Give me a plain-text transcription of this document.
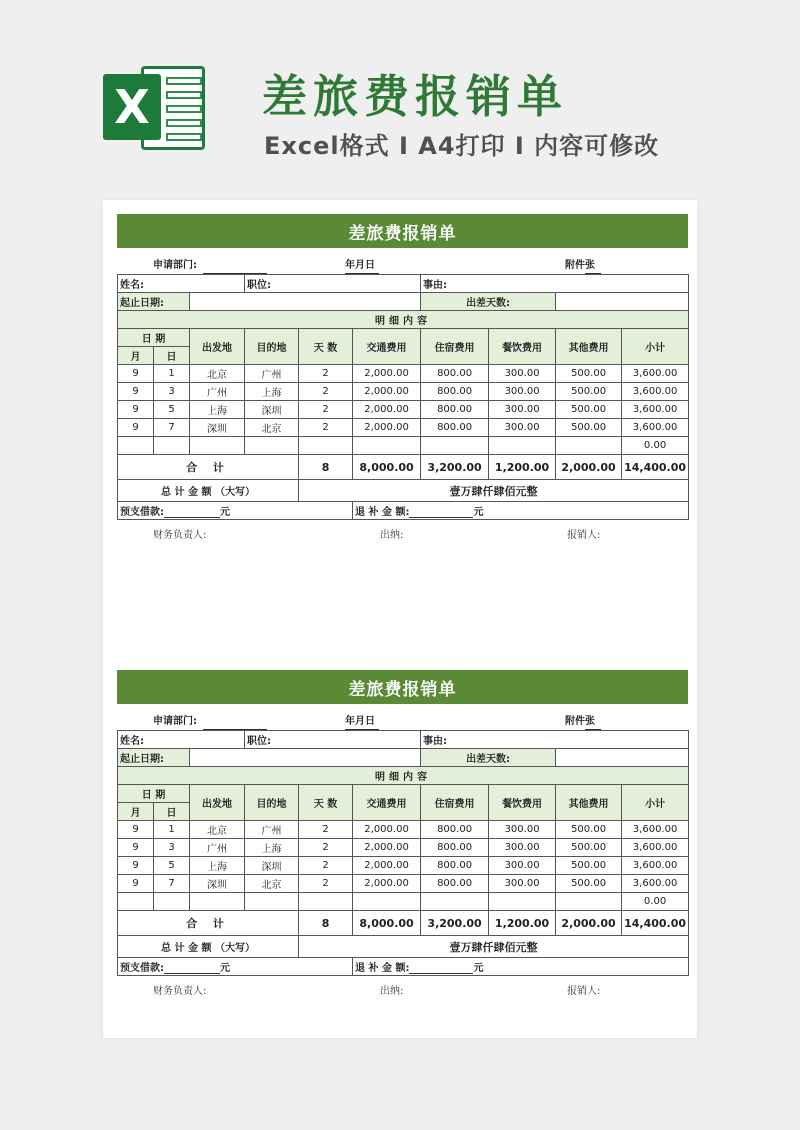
X 差旅费报销单
Excel格式 I A4打印 I 内容可修改
差旅费报销单
申请部门:	年
月
日	附件
张
姓名:			职位:			事由:			
起止日期:						出差天数:			
明细内容									
日 期		出发地	目的地	天 数	交通费用	住宿费用	餐饮费用	其他费用	小计
月	日								
9	1	北京	广州	2	2,000.00	800.00	300.00	500.00	3,600.00
9	3	广州	上海	2	2,000.00	800.00	300.00	500.00	3,600.00
9	5	上海	深圳	2	2,000.00	800.00	300.00	500.00	3,600.00
9	7	深圳	北京	2	2,000.00	800.00	300.00	500.00	3,600.00
									0.00
合 计				8	8,000.00	3,200.00	1,200.00	2,000.00	14,400.00
总 计 金 额 （大写）				壹万肆仟肆佰元整					
预支借款: 元					退 补 金 额: 元				
财务负责人:	出纳:	报销人:
差旅费报销单
申请部门:	年
月
日	附件
张
姓名:			职位:			事由:			
起止日期:						出差天数:			
明细内容									
日 期		出发地	目的地	天 数	交通费用	住宿费用	餐饮费用	其他费用	小计
月	日								
9	1	北京	广州	2	2,000.00	800.00	300.00	500.00	3,600.00
9	3	广州	上海	2	2,000.00	800.00	300.00	500.00	3,600.00
9	5	上海	深圳	2	2,000.00	800.00	300.00	500.00	3,600.00
9	7	深圳	北京	2	2,000.00	800.00	300.00	500.00	3,600.00
									0.00
合 计				8	8,000.00	3,200.00	1,200.00	2,000.00	14,400.00
总 计 金 额 （大写）				壹万肆仟肆佰元整					
预支借款: 元					退 补 金 额: 元				
财务负责人:	出纳:	报销人:
